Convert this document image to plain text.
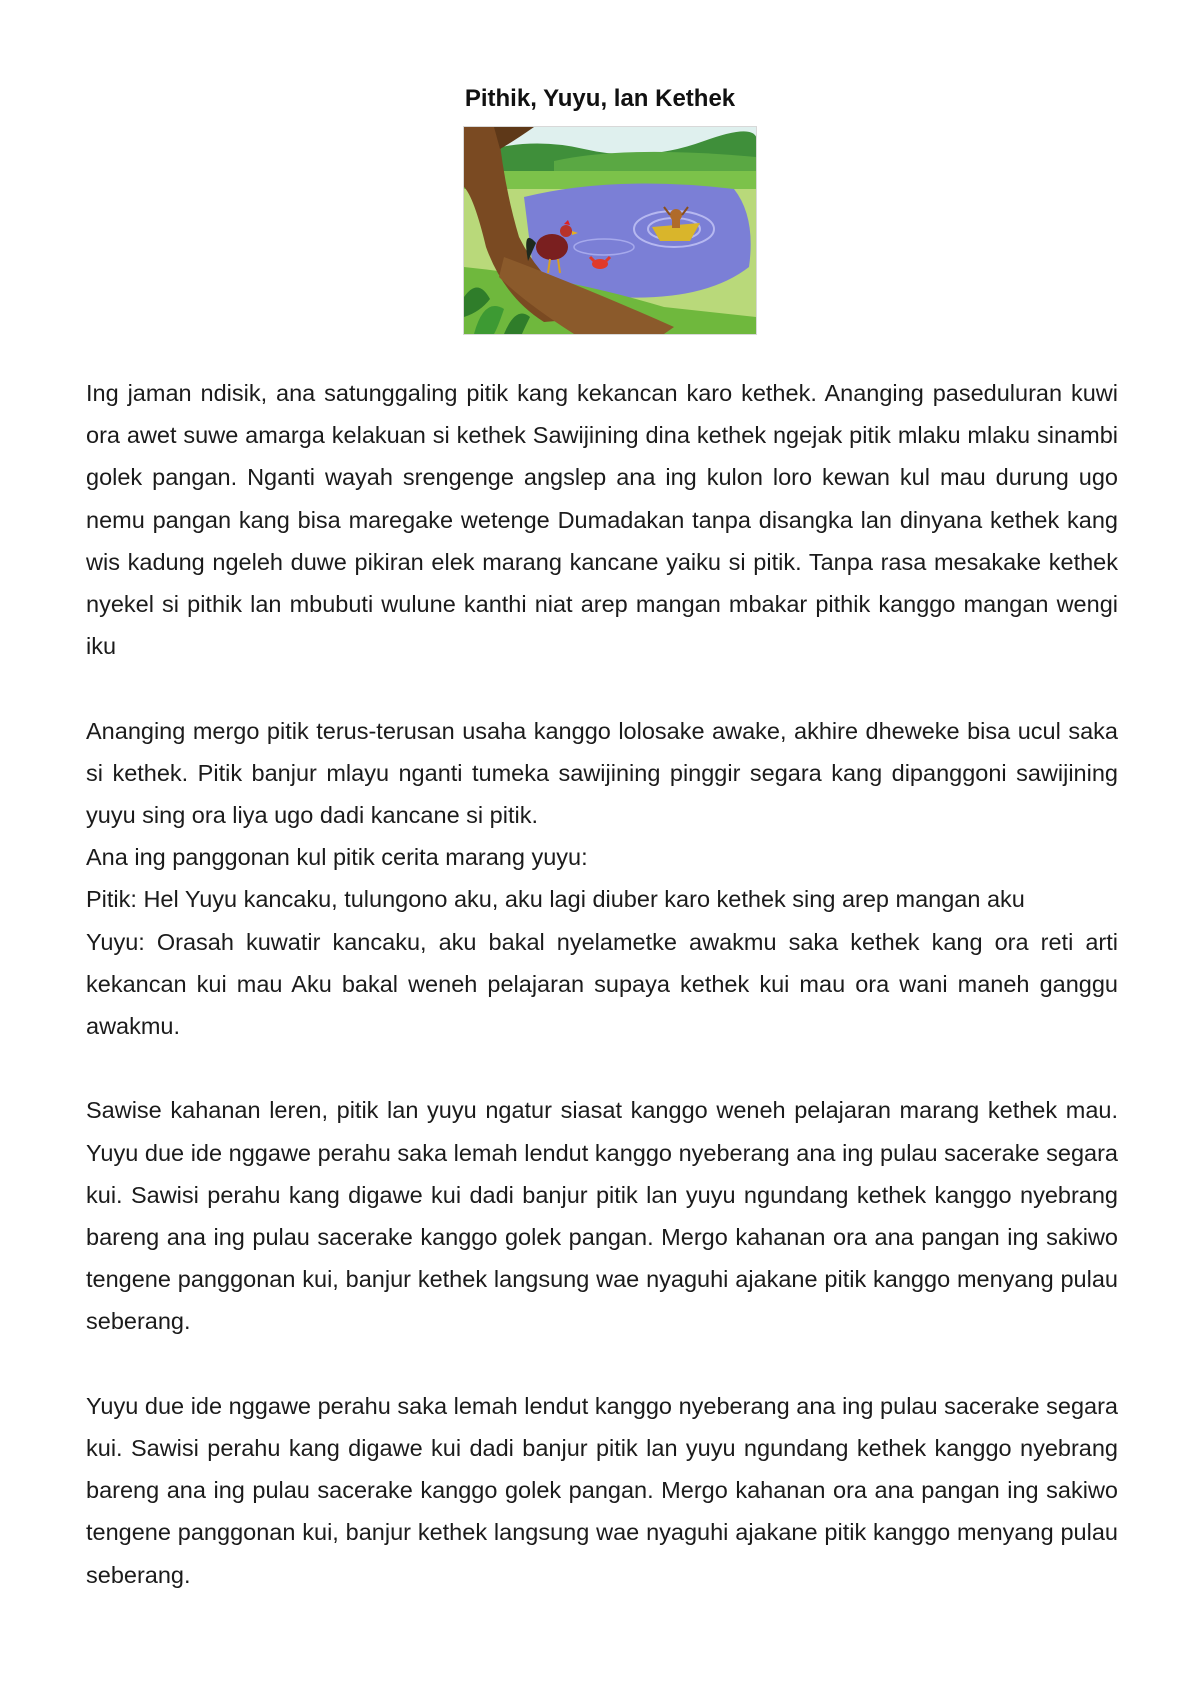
Pithik, Yuyu, lan Kethek

Ing jaman ndisik, ana satunggaling pitik kang kekancan karo kethek. Ananging paseduluran kuwi ora awet suwe amarga kelakuan si kethek Sawijining dina kethek ngejak pitik mlaku mlaku sinambi golek pangan. Nganti wayah srengenge angslep ana ing kulon loro kewan kul mau durung ugo nemu pangan kang bisa maregake wetenge Dumadakan tanpa disangka lan dinyana kethek kang wis kadung ngeleh duwe pikiran elek marang kancane yaiku si pitik. Tanpa rasa mesakake kethek nyekel si pithik lan mbubuti wulune kanthi niat arep mangan mbakar pithik kanggo mangan wengi iku

Ananging mergo pitik terus-terusan usaha kanggo lolosake awake, akhire dheweke bisa ucul saka si kethek. Pitik banjur mlayu nganti tumeka sawijining pinggir segara kang dipanggoni sawijining yuyu sing ora liya ugo dadi kancane si pitik.

Ana ing panggonan kul pitik cerita marang yuyu:

Pitik: Hel Yuyu kancaku, tulungono aku, aku lagi diuber karo kethek sing arep mangan aku

Yuyu: Orasah kuwatir kancaku, aku bakal nyelametke awakmu saka kethek kang ora reti arti kekancan kui mau Aku bakal weneh pelajaran supaya kethek kui mau ora wani maneh ganggu awakmu.

Sawise kahanan leren, pitik lan yuyu ngatur siasat kanggo weneh pelajaran marang kethek mau. Yuyu due ide nggawe perahu saka lemah lendut kanggo nyeberang ana ing pulau sacerake segara kui. Sawisi perahu kang digawe kui dadi banjur pitik lan yuyu ngundang kethek kanggo nyebrang bareng ana ing pulau sacerake kanggo golek pangan. Mergo kahanan ora ana pangan ing sakiwo tengene panggonan kui, banjur kethek langsung wae nyaguhi ajakane pitik kanggo menyang pulau seberang.

Yuyu due ide nggawe perahu saka lemah lendut kanggo nyeberang ana ing pulau sacerake segara kui. Sawisi perahu kang digawe kui dadi banjur pitik lan yuyu ngundang kethek kanggo nyebrang bareng ana ing pulau sacerake kanggo golek pangan. Mergo kahanan ora ana pangan ing sakiwo tengene panggonan kui, banjur kethek langsung wae nyaguhi ajakane pitik kanggo menyang pulau seberang.
